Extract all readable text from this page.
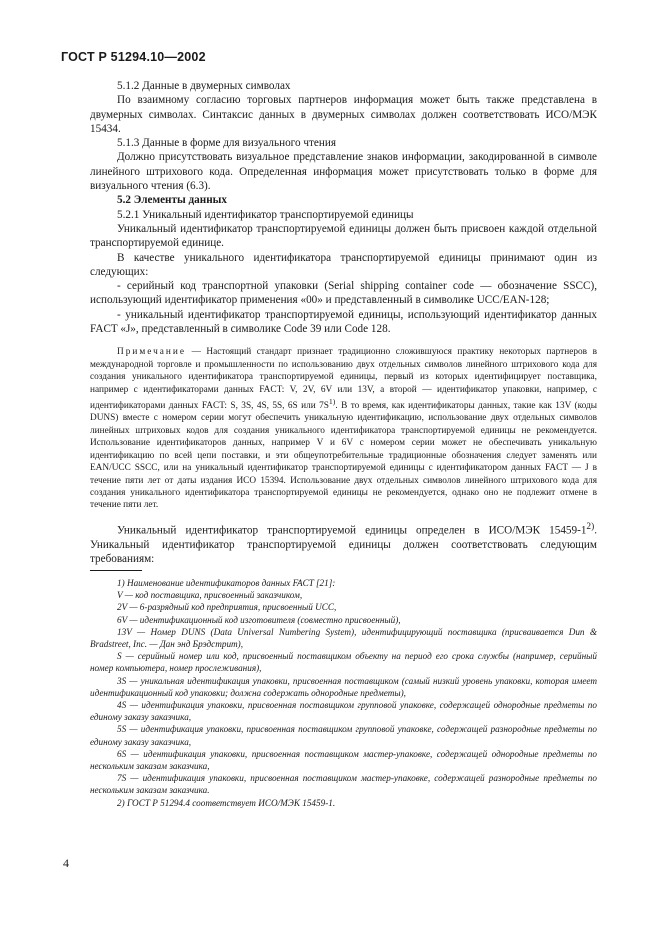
ГОСТ Р 51294.10—2002

5.1.2 Данные в двумерных символах

По взаимному согласию торговых партнеров информация может быть также представлена в двумерных символах. Синтаксис данных в двумерных символах должен соответствовать ИСО/МЭК 15434.

5.1.3 Данные в форме для визуального чтения

Должно присутствовать визуальное представление знаков информации, закодированной в символе линейного штрихового кода. Определенная информация может присутствовать только в форме для визуального чтения (6.3).

5.2 Элементы данных

5.2.1 Уникальный идентификатор транспортируемой единицы

Уникальный идентификатор транспортируемой единицы должен быть присвоен каждой отдельной транспортируемой единице.

В качестве уникального идентификатора транспортируемой единицы принимают один из следующих:

- серийный код транспортной упаковки (Serial shipping container code — обозначение SSCC), использующий идентификатор применения «00» и представленный в символике UCC/EAN-128;

- уникальный идентификатор транспортируемой единицы, использующий идентификатор данных FACT «J», представленный в символике Code 39 или Code 128.

Примечание — Настоящий стандарт признает традиционно сложившуюся практику некоторых партнеров в международной торговле и промышленности по использованию двух отдельных символов линейного штрихового кода для создания уникального идентификатора транспортируемой единицы, первый из которых идентифицирует поставщика, например с идентификаторами данных FACT: V, 2V, 6V или 13V, а второй — идентификатор упаковки, например, с идентификаторами данных FACT: S, 3S, 4S, 5S, 6S или $7S^{1)}$. В то время, как идентификаторы данных, такие как 13V (коды DUNS) вместе с номером серии могут обеспечить уникальную идентификацию, использование двух отдельных символов линейных штриховых кодов для создания уникального идентификатора транспортируемой единицы не рекомендуется. Использование идентификаторов данных, например V и 6V с номером серии может не обеспечивать уникальную идентификацию по всей цепи поставки, и эти общеупотребительные традиционные обозначения следует заменять или EAN/UCC SSCC, или на уникальный идентификатор транспортируемой единицы с идентификатором данных FACT — J в течение пяти лет от даты издания ИСО 15394. Использование двух отдельных символов линейного штрихового кода для создания уникального идентификатора транспортируемой единицы не рекомендуется, однако оно не подлежит отмене в течение пяти лет.

Уникальный идентификатор транспортируемой единицы определен в ИСО/МЭК 15459-1$^{2)}$. Уникальный идентификатор транспортируемой единицы должен соответствовать следующим требованиям:

1) Наименование идентификаторов данных FACT [21]:

V — код поставщика, присвоенный заказчиком,

2V — 6-разрядный код предприятия, присвоенный UCC,

6V — идентификационный код изготовителя (совместно присвоенный),

13V — Номер DUNS (Data Universal Numbering System), идентифицирующий поставщика (присваивается Dun & Bradstreet, Inc. — Дан энд Брэдстрит),

S — серийный номер или код, присвоенный поставщиком объекту на период его срока службы (например, серийный номер компьютера, номер прослеживания),

3S — уникальная идентификация упаковки, присвоенная поставщиком (самый низкий уровень упаковки, которая имеет идентификационный код упаковки; должна содержать однородные предметы),

4S — идентификация упаковки, присвоенная поставщиком групповой упаковке, содержащей однородные предметы по единому заказу заказчика,

5S — идентификация упаковки, присвоенная поставщиком групповой упаковке, содержащей разнородные предметы по единому заказу заказчика,

6S — идентификация упаковки, присвоенная поставщиком мастер-упаковке, содержащей однородные предметы по нескольким заказам заказчика,

7S — идентификация упаковки, присвоенная поставщиком мастер-упаковке, содержащей разнородные предметы по нескольким заказам заказчика.

2) ГОСТ Р 51294.4 соответствует ИСО/МЭК 15459-1.

4
